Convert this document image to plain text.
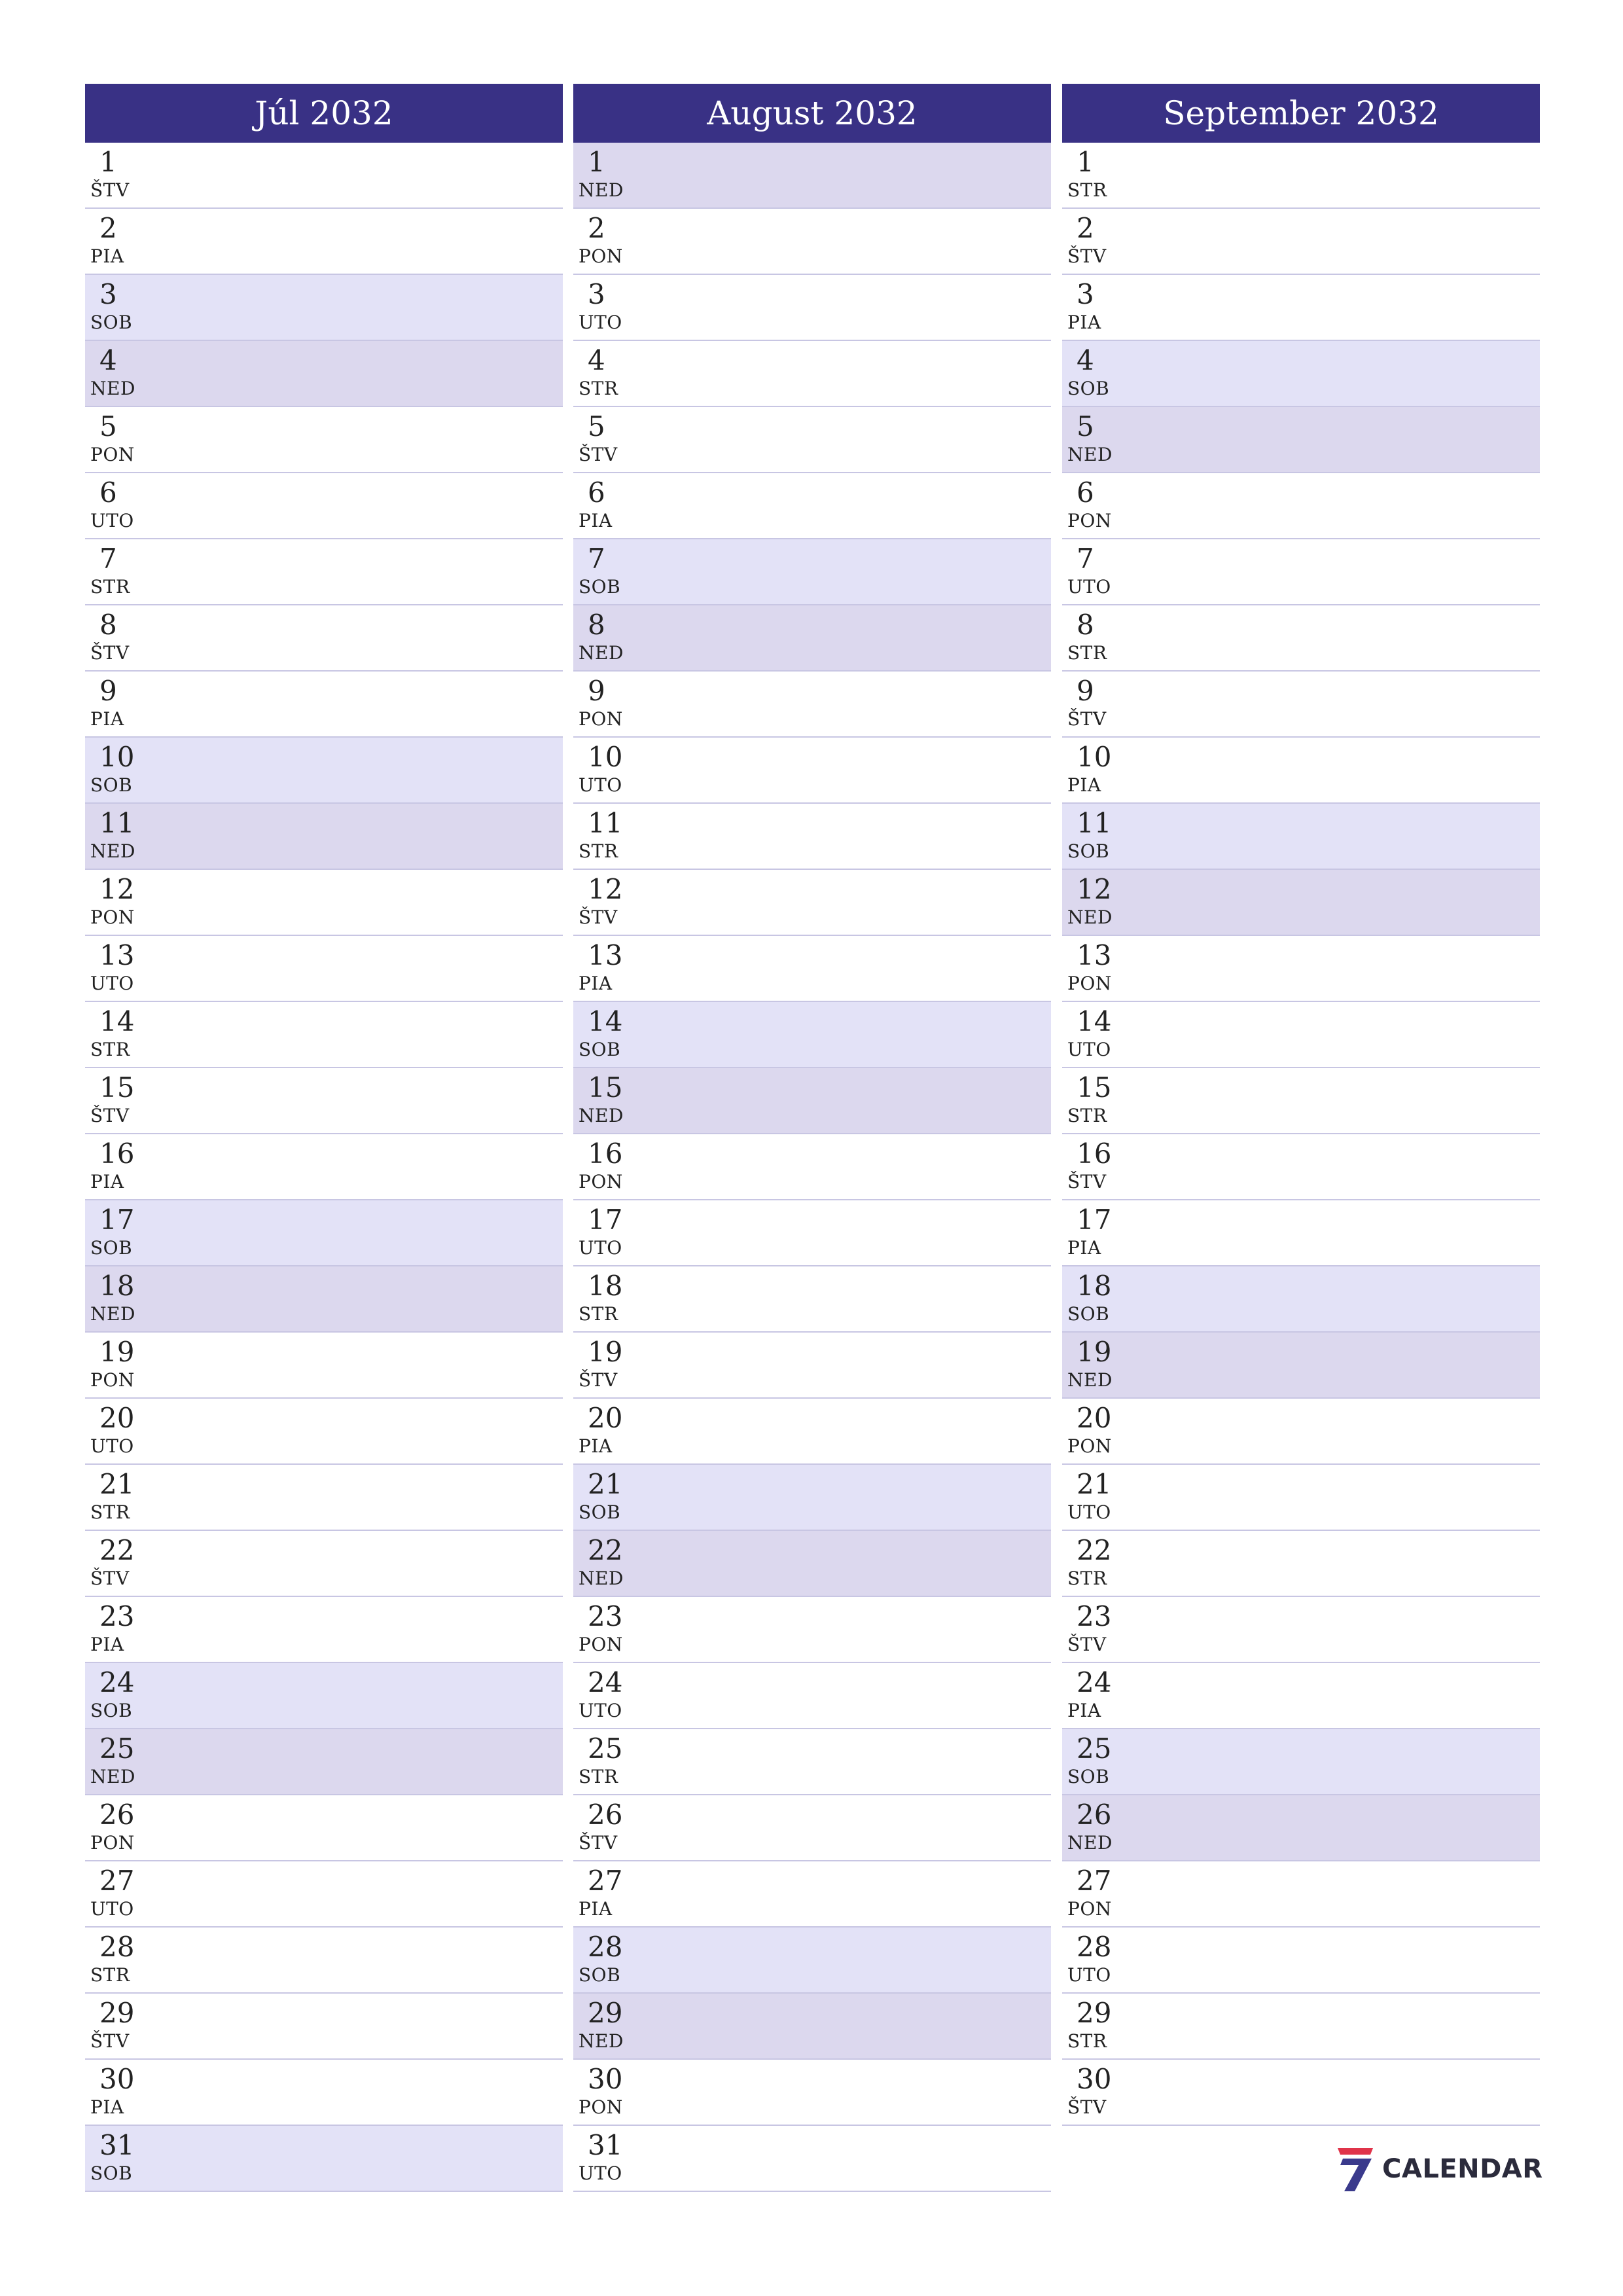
Júl 2032
1
ŠTV
2
PIA
3
SOB
4
NED
5
PON
6
UTO
7
STR
8
ŠTV
9
PIA
10
SOB
11
NED
12
PON
13
UTO
14
STR
15
ŠTV
16
PIA
17
SOB
18
NED
19
PON
20
UTO
21
STR
22
ŠTV
23
PIA
24
SOB
25
NED
26
PON
27
UTO
28
STR
29
ŠTV
30
PIA
31
SOB
August 2032
1
NED
2
PON
3
UTO
4
STR
5
ŠTV
6
PIA
7
SOB
8
NED
9
PON
10
UTO
11
STR
12
ŠTV
13
PIA
14
SOB
15
NED
16
PON
17
UTO
18
STR
19
ŠTV
20
PIA
21
SOB
22
NED
23
PON
24
UTO
25
STR
26
ŠTV
27
PIA
28
SOB
29
NED
30
PON
31
UTO
September 2032
1
STR
2
ŠTV
3
PIA
4
SOB
5
NED
6
PON
7
UTO
8
STR
9
ŠTV
10
PIA
11
SOB
12
NED
13
PON
14
UTO
15
STR
16
ŠTV
17
PIA
18
SOB
19
NED
20
PON
21
UTO
22
STR
23
ŠTV
24
PIA
25
SOB
26
NED
27
PON
28
UTO
29
STR
30
ŠTV
CALENDAR
